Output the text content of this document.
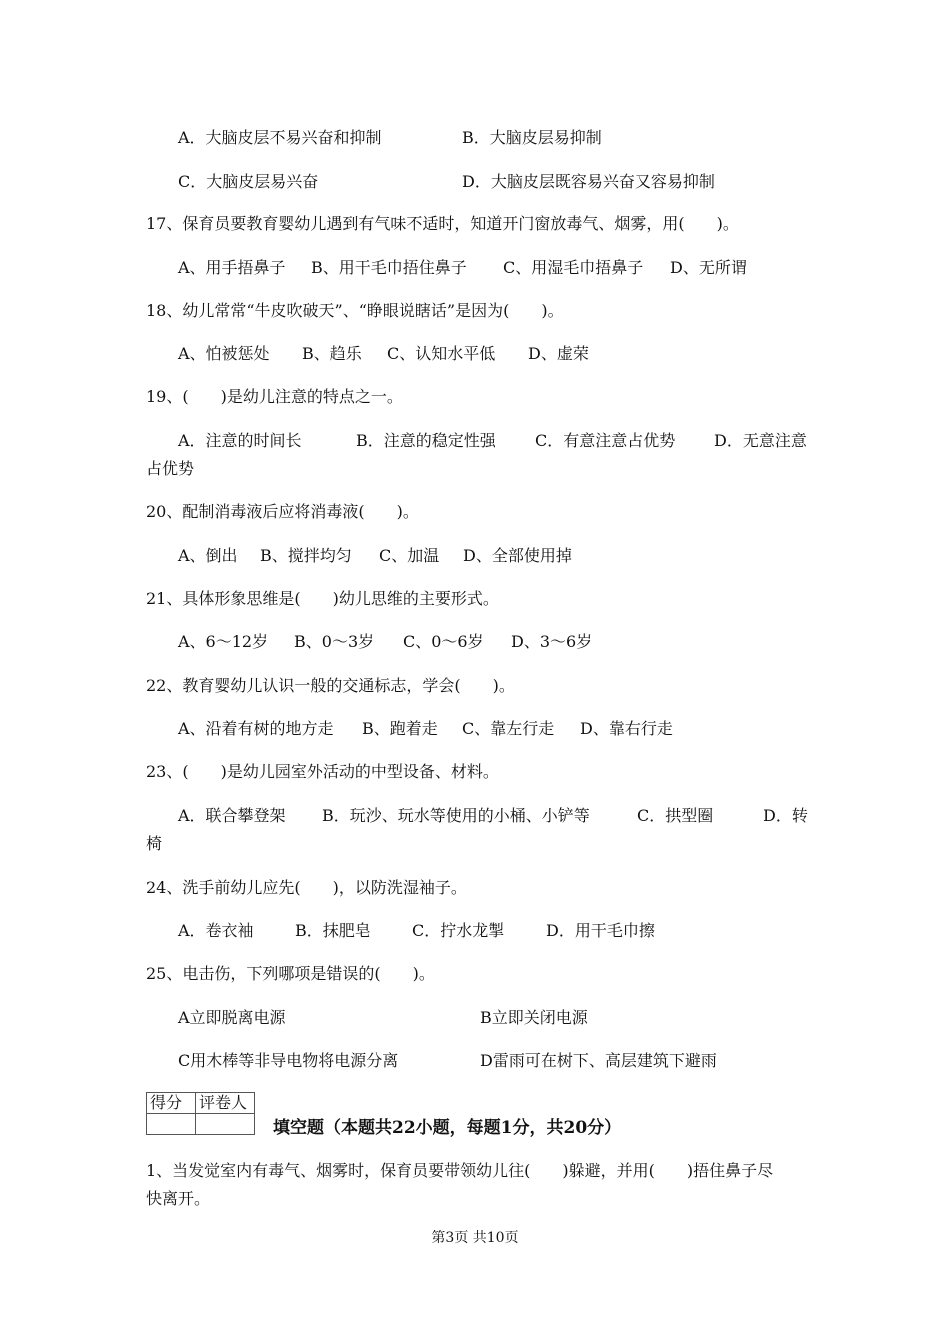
A．大脑皮层不易兴奋和抑制	B．大脑皮层易抑制
C．大脑皮层易兴奋	D．大脑皮层既容易兴奋又容易抑制
17、保育员要教育婴幼儿遇到有气味不适时，知道开门窗放毒气、烟雾，用(　　)。
A、用手捂鼻子 B、用干毛巾捂住鼻子 C、用湿毛巾捂鼻子 D、无所谓
18、幼儿常常“牛皮吹破天”、“睁眼说瞎话”是因为(　　)。
A、怕被惩处 B、趋乐 C、认知水平低 D、虚荣
19、(　　)是幼儿注意的特点之一。
A．注意的时间长	B．注意的稳定性强 C．有意注意占优势 D．无意注意
占优势
20、配制消毒液后应将消毒液(　　)。
A、倒出 B、搅拌均匀 C、加温 D、全部使用掉
21、具体形象思维是(　　)幼儿思维的主要形式。
A、6～12岁 B、0～3岁 C、0～6岁 D、3～6岁
22、教育婴幼儿认识一般的交通标志，学会(　　)。
A、沿着有树的地方走 B、跑着走 C、靠左行走 D、靠右行走
23、(　　)是幼儿园室外活动的中型设备、材料。
A．联合攀登架 B．玩沙、玩水等使用的小桶、小铲等	C．拱型圈	D．转
椅
24、洗手前幼儿应先(　　)，以防洗湿袖子。
A．卷衣袖	B．抹肥皂	C．拧水龙掣	D．用干毛巾擦
25、电击伤，下列哪项是错误的(　　)。
A立即脱离电源	B立即关闭电源
C用木棒等非导电物将电源分离	D雷雨可在树下、高层建筑下避雨
得分	评卷人

填空题（本题共22小题，每题1分，共20分）
1、当发觉室内有毒气、烟雾时，保育员要带领幼儿往(　　)躲避，并用(　　)捂住鼻子尽
快离开。
第3页 共10页
